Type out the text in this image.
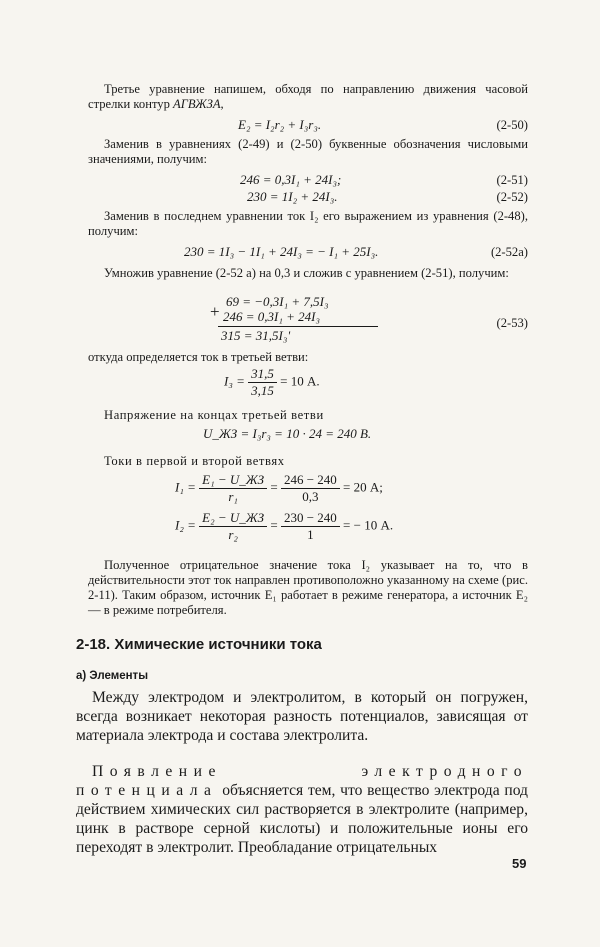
Третье уравнение напишем, обходя по направлению движения часовой стрелки контур АГВЖЗА,

E₂ = I₂r₂ + I₃r₃.	(2-50)

Заменив в уравнениях (2-49) и (2-50) буквенные обозначения числовыми значениями, получим:

246 = 0,3I₁ + 24I₃;	(2-51)
230 = 1I₂ + 24I₃.	(2-52)

Заменив в последнем уравнении ток I₂ его выражением из уравнения (2-48), получим:

230 = 1I₃ − 1I₁ + 24I₃ = − I₁ + 25I₃.	(2-52a)

Умножив уравнение (2-52 а) на 0,3 и сложив с уравнением (2-51), получим:

+
69 = −0,3I₁ + 7,5I₃
246 = 0,3I₁ + 24I₃
315 = 31,5I₃'
(2-53)

откуда определяется ток в третьей ветви:

$I_3 = \frac{31,5}{3,15} = 10$ А.

Напряжение на концах третьей ветви

U_ЖЗ = I₃r₃ = 10 · 24 = 240 В.

Токи в первой и второй ветвях

$I_1 = \frac{\text{E₁ − U\_ЖЗ}}{\text{r₁}} = \frac{246 - 240}{0,3} = 20$ А;
$I_2 = \frac{\text{E₂ − U\_ЖЗ}}{\text{r₂}} = \frac{230 - 240}{1}$ = − 10 А.

Полученное отрицательное значение тока I₂ указывает на то, что в действительности этот ток направлен противоположно указанному на схеме (рис. 2-11). Таким образом, источник E₁ работает в режиме генератора, а источник E₂ — в режиме потребителя.

2-18. Химические источники тока
а) Элементы

Между электродом и электролитом, в который он погружен, всегда возникает некоторая разность потенциалов, зависящая от материала электрода и состава электролита.

Появление электродного потенциала объясняется тем, что вещество электрода под действием химических сил растворяется в электролите (например, цинк в растворе серной кислоты) и положительные ионы его переходят в электролит. Преобладание отрицательных

59
